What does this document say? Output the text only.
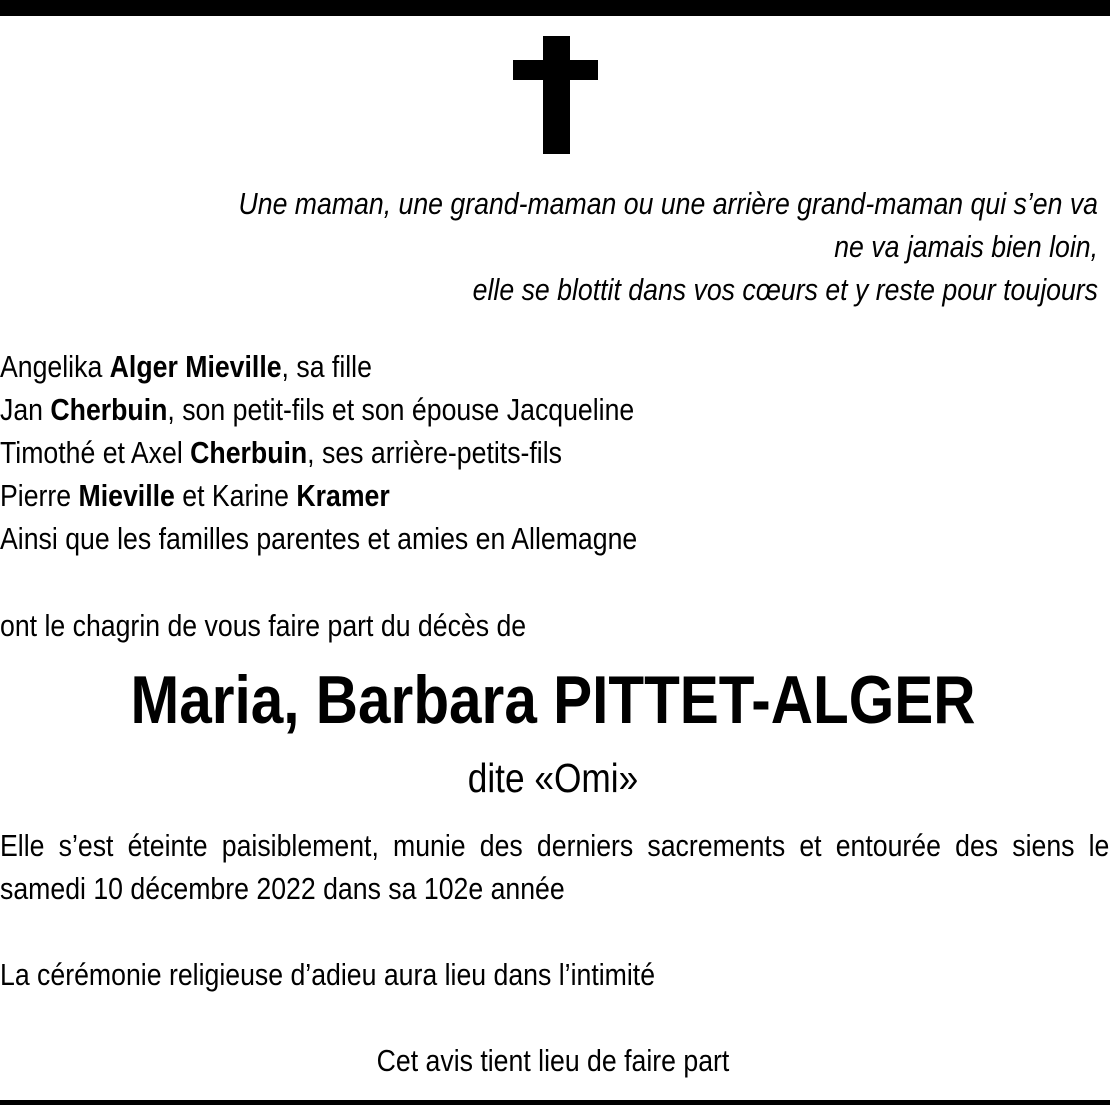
Une maman, une grand-maman ou une arrière grand-maman qui s’en va
ne va jamais bien loin,
elle se blottit dans vos cœurs et y reste pour toujours
Angelika Alger Mieville, sa fille
Jan Cherbuin, son petit-fils et son épouse Jacqueline
Timothé et Axel Cherbuin, ses arrière-petits-fils
Pierre Mieville et Karine Kramer
Ainsi que les familles parentes et amies en Allemagne
ont le chagrin de vous faire part du décès de
Maria, Barbara PITTET-ALGER
dite «Omi»
Elle s’est éteinte paisiblement, munie des derniers sacrements et entourée des siens le samedi 10 décembre 2022 dans sa 102e année
La cérémonie religieuse d’adieu aura lieu dans l’intimité
Cet avis tient lieu de faire part
